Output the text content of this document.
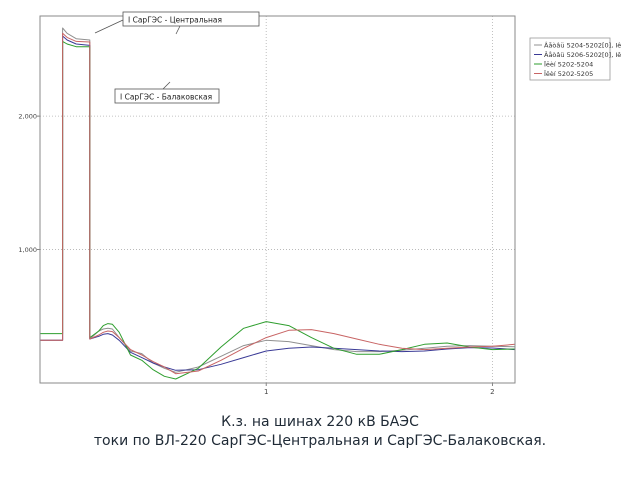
1	2
1,000
2,000
Âåòâü 5204-5202[0], Iê
Âåòâü 5206-5202[0], Iê
Ïëèí 5202-5204
Ïëèí 5202-5205
I СарГЭС - Центральная
I СарГЭС - Балаковская
К.з. на шинах 220 кВ БАЭС
токи по ВЛ-220 СарГЭС-Центральная и СарГЭС-Балаковская.
